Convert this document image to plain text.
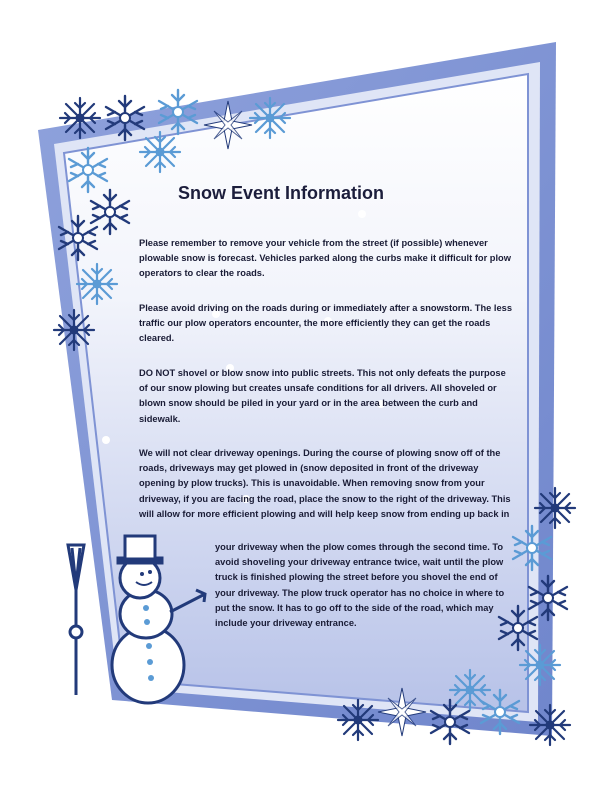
Snow Event Information

Please remember to remove your vehicle from the street (if possible) whenever plowable snow is forecast. Vehicles parked along the curbs make it difficult for plow operators to clear the roads.

Please avoid driving on the roads during or immediately after a snowstorm. The less traffic our plow operators encounter, the more efficiently they can get the roads cleared.

DO NOT shovel or blow snow into public streets. This not only defeats the purpose of our snow plowing but creates unsafe conditions for all drivers. All shoveled or blown snow should be piled in your yard or in the area between the curb and sidewalk.

We will not clear driveway openings. During the course of plowing snow off of the roads, driveways may get plowed in (snow deposited in front of the driveway opening by plow trucks). This is unavoidable. When removing snow from your driveway, if you are facing the road, place the snow to the right of the driveway. This will allow for more efficient plowing and will help keep snow from ending up back in

your driveway when the plow comes through the second time. To avoid shoveling your driveway entrance twice, wait until the plow truck is finished plowing the street before you shovel the end of your driveway. The plow truck operator has no choice in where to put the snow. It has to go off to the side of the road, which may include your driveway entrance.
